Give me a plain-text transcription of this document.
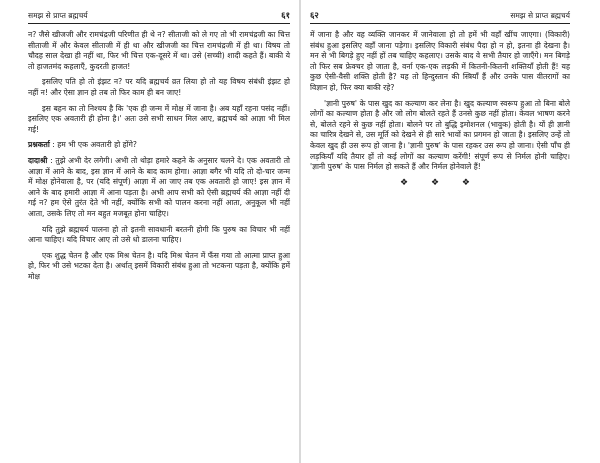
समझ से प्राप्त ब्रह्मचर्य	६१

न? जैसे खीजजी और रामचंद्रजी परिणीत ही थे न? सीताजी को ले गए तो भी रामचंद्रजी का चित्त सीताजी में और केवल सीताजी में ही था और खीजजी का चित्त रामचंद्रजी में ही था। विषय तो चौदह साल देखा ही नहीं था, फिर भी चित्त एक-दूसरे में था। उसे (सच्ची) शादी कहते हैं। बाकी ये तो हाजतमंद कहलाएँ, कुदरती हाजत!

इसलिए पति हो तो इंझट न? पर यदि ब्रह्मचर्य व्रत लिया हो तो यह विषय संबंधी इंझट हो नहीं न! और ऐसा ज्ञान हो तब तो फिर काम ही बन जाए!

इस बहन का तो निश्चय है कि 'एक ही जन्म में मोक्ष में जाना है। अब यहाँ रहना पसंद नहीं। इसलिए एक अवतारी ही होना है।' अतः उसे सभी साधन मिल आए, ब्रह्मचर्य को आज्ञा भी मिल गई!

प्रश्नकर्ता : हम भी एक अवतारी हो होंगे?

दादाश्री : तुझे अभी देर लगेगी। अभी तो थोड़ा हमारे कहने के अनुसार चलने दे। एक अवतारी तो आज्ञा में आने के बाद, इस ज्ञान में आने के बाद काम होगा। आज्ञा बगैर भी यदि तो दो-चार जन्म में मोक्ष होनेवाला है, पर (यदि संपूर्ण) आज्ञा में आ जाए तब एक अवतारी हो जाए! इस ज्ञान में आने के बाद हमारी आज्ञा में आना पड़ता है। अभी आप सभी को ऐसी ब्रह्मचर्य की आज्ञा नहीं दी गई न? हम ऐसे तुरंत देते भी नहीं, क्योंकि सभी को पालन करना नहीं आता, अनुकूल भी नहीं आता, उसके लिए तो मन बहुत मजबूत होना चाहिए।

यदि तुझे ब्रह्मचर्य पालना हो तो इतनी सावधानी बरतनी होगी कि पुरुष का विचार भी नहीं आना चाहिए। यदि विचार आए तो उसे धो डालना चाहिए।

एक शुद्ध चेतन है और एक मिश्र चेतन है। यदि मिश्र चेतन में फँस गया तो आत्मा प्राप्त हुआ हो, फिर भी उसे भटका देता है। अर्थात् इसमें विकारी संबंध हुआ तो भटकना पड़ता है, क्योंकि हमें मोक्ष

६२	समझ से प्राप्त ब्रह्मचर्य

में जाना है और वह व्यक्ति जानकर में जानेवाला हो तो हमें भी वहाँ खींच जाएगा। (विकारी) संबंध हुआ इसलिए वहाँ जाना पड़ेगा। इसलिए विकारी संबंध पैदा हो न हो, इतना ही देखना है। मन से भी बिगड़े हुए नहीं हों तब चाहिए कहलाए। उसके बाद वे सभी तैयार हो जाएँगे। मन बिगड़े तो फिर सब फ्रेक्चर हो जाता है, वर्ना एक-एक लड़की में कितनी-कितनी शक्तियाँ होती हैं! यह कुछ ऐसी-वैसी शक्ति होती है? यह तो हिन्दुस्तान की स्त्रियाँ हैं और उनके पास वीतरागों का विज्ञान हो, फिर क्या बाकी रहे?

'ज्ञानी पुरुष' के पास खुद का कल्याण कर लेना है। खुद कल्याण स्वरूप हुआ तो बिना बोले लोगों का कल्याण होता है और जो लोग बोलते रहते हैं उनसे कुछ नहीं होता। केवल भाषण करने से, बोलते रहने से कुछ नहीं होता। बोलने पर तो बुद्धि इमोशनल (भावुक) होती है। यों ही ज्ञानी का चारित्र देखने से, उस मूर्ति को देखने से ही सारे भावों का प्रगमन हो जाता है। इसलिए उन्हें तो केवल खुद ही उस रूप हो जाना है। 'ज्ञानी पुरुष' के पास रहकर उस रूप हो जाना। ऐसी पाँच ही लड़कियाँ यदि तैयार हों तो कई लोगों का कल्याण करेंगी! संपूर्ण रूप से निर्मल होनी चाहिए। 'ज्ञानी पुरुष' के पास निर्मल हो सकते हैं और निर्मल होनेवाले हैं!

❖ ❖ ❖
